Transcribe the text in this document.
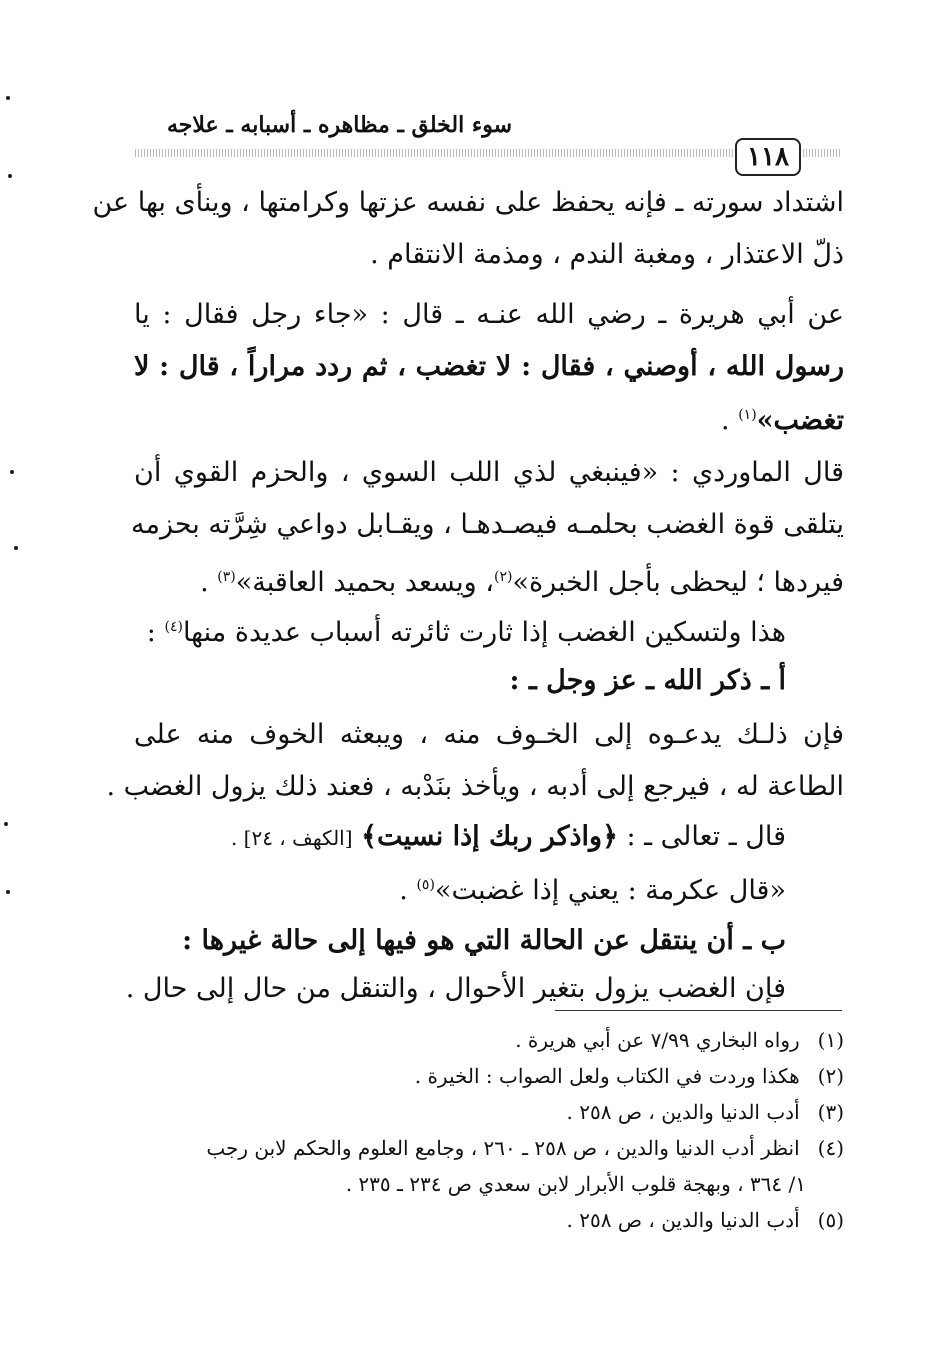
سوء الخلق ـ مظاهره ـ أسبابه ـ علاجه
١١٨
اشتداد سورته ـ فإنه يحفظ على نفسه عزتها وكرامتها ، وينأى بها عن
ذلّ الاعتذار ، ومغبة الندم ، ومذمة الانتقام .
عن أبي هريرة ـ رضي الله عنـه ـ قال : «جاء رجل فقال : يا
رسول الله ، أوصني ، فقال : لا تغضب ، ثم ردد مراراً ، قال : لا
تغضب»$^{(١)}$ .
قال الماوردي : «فينبغي لذي اللب السوي ، والحزم القوي أن
يتلقى قوة الغضب بحلمـه فيصـدهـا ، ويقـابل دواعي شِرَّته بحزمه
فيردها ؛ ليحظى بأجل الخبرة»$^{(٢)}$، ويسعد بحميد العاقبة»$^{(٣)}$ .
هذا ولتسكين الغضب إذا ثارت ثائرته أسباب عديدة منها$^{(٤)}$ :
أ ـ ذكر الله ـ عز وجل ـ :
فإن ذلـك يدعـوه إلى الخـوف منه ، ويبعثه الخوف منه على
الطاعة له ، فيرجع إلى أدبه ، ويأخذ بنَدْبه ، فعند ذلك يزول الغضب .
قال ـ تعالى ـ : ﴿واذكر ربك إذا نسيت﴾ [الكهف ، ٢٤] .
«قال عكرمة : يعني إذا غضبت»$^{(٥)}$ .
ب ـ أن ينتقل عن الحالة التي هو فيها إلى حالة غيرها :
فإن الغضب يزول بتغير الأحوال ، والتنقل من حال إلى حال .
(١) رواه البخاري ٧/٩٩ عن أبي هريرة .
(٢) هكذا وردت في الكتاب ولعل الصواب : الخيرة .
(٣) أدب الدنيا والدين ، ص ٢٥٨ .
(٤) انظر أدب الدنيا والدين ، ص ٢٥٨ ـ ٢٦٠ ، وجامع العلوم والحكم لابن رجب
١/ ٣٦٤ ، وبهجة قلوب الأبرار لابن سعدي ص ٢٣٤ ـ ٢٣٥ .
(٥) أدب الدنيا والدين ، ص ٢٥٨ .
